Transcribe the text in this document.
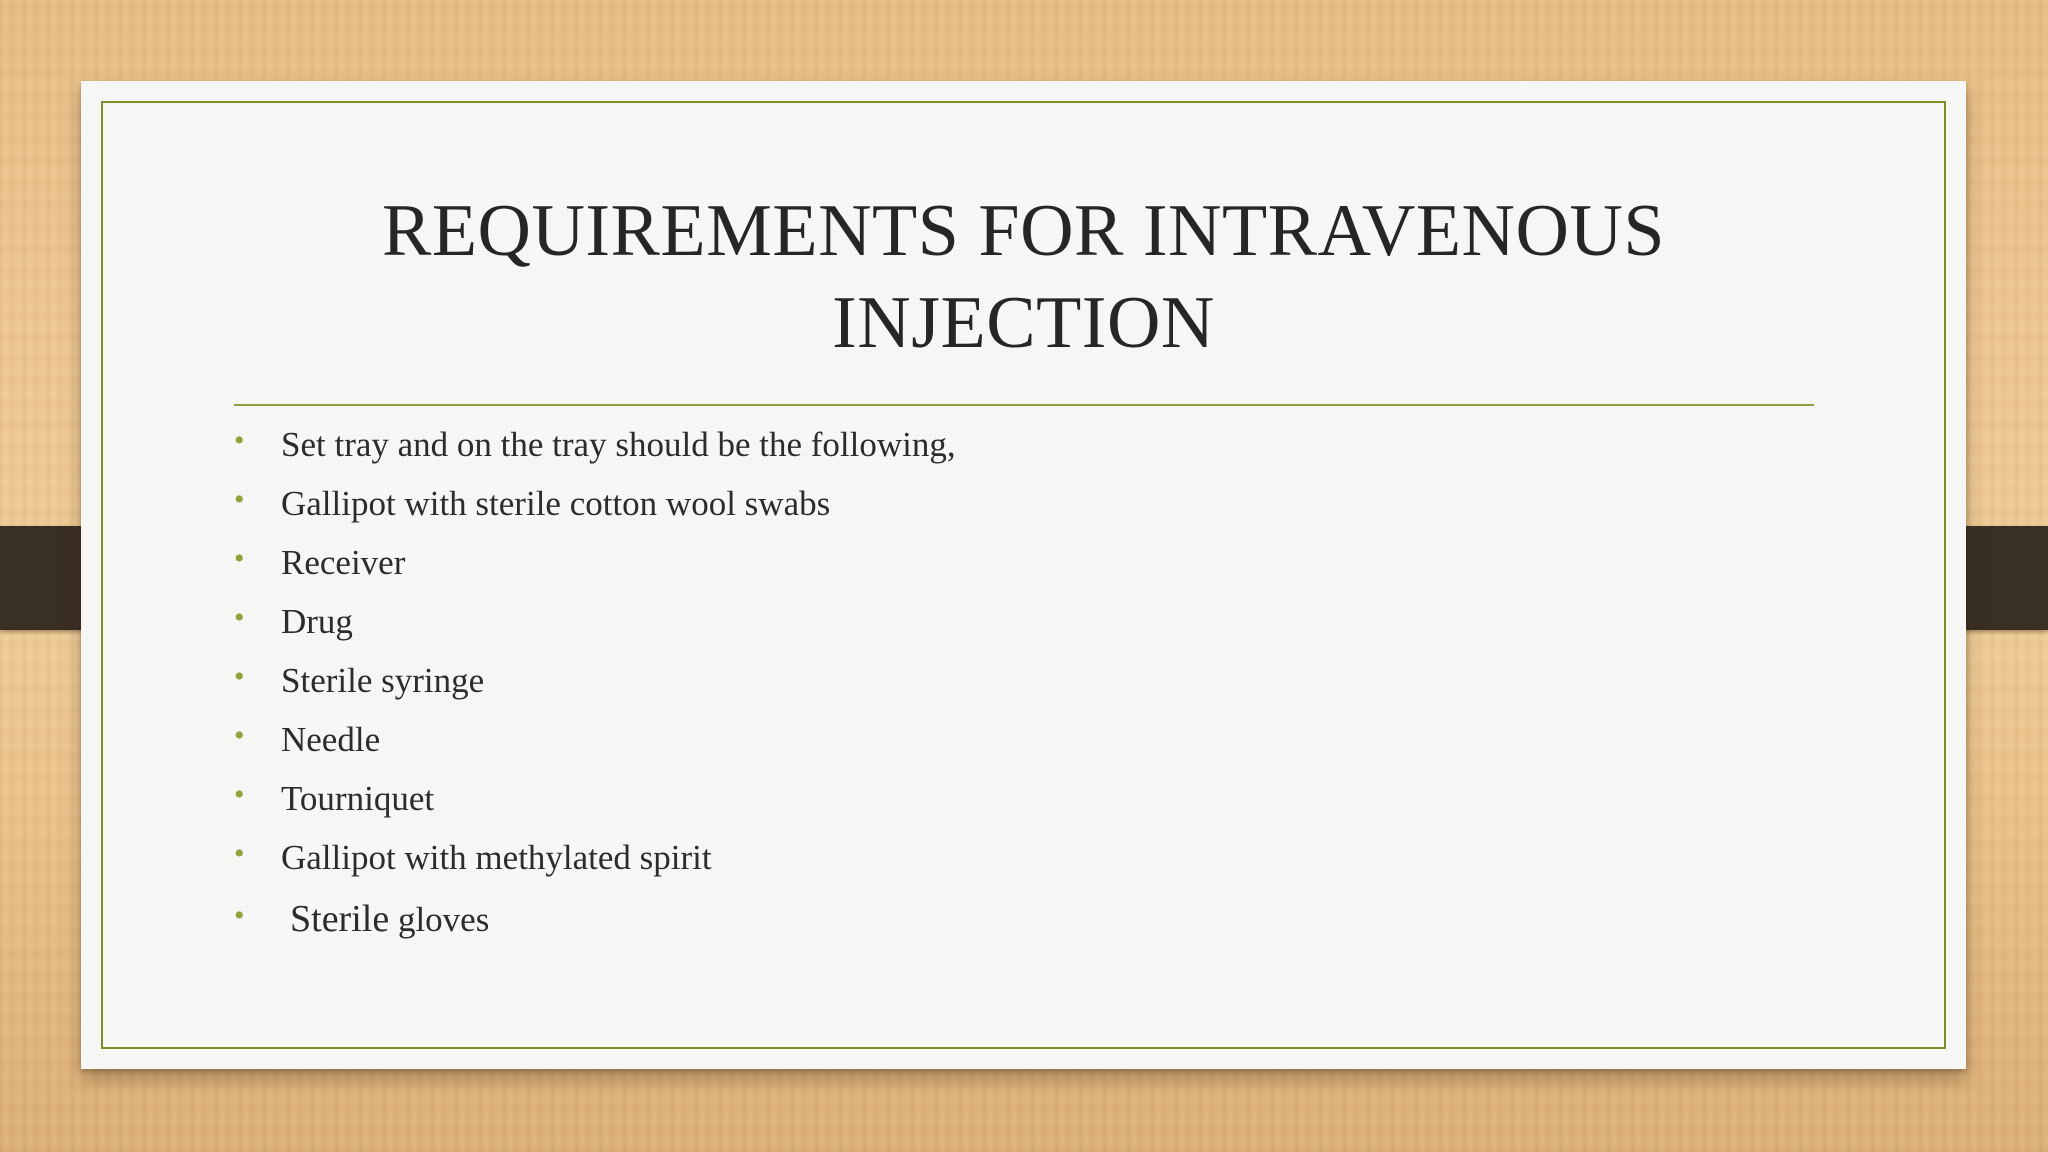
REQUIREMENTS FOR INTRAVENOUS
INJECTION
• Set tray and on the tray should be the following,
• Gallipot with sterile cotton wool swabs
• Receiver
• Drug
• Sterile syringe
• Needle
• Tourniquet
• Gallipot with methylated spirit
• Sterile gloves
